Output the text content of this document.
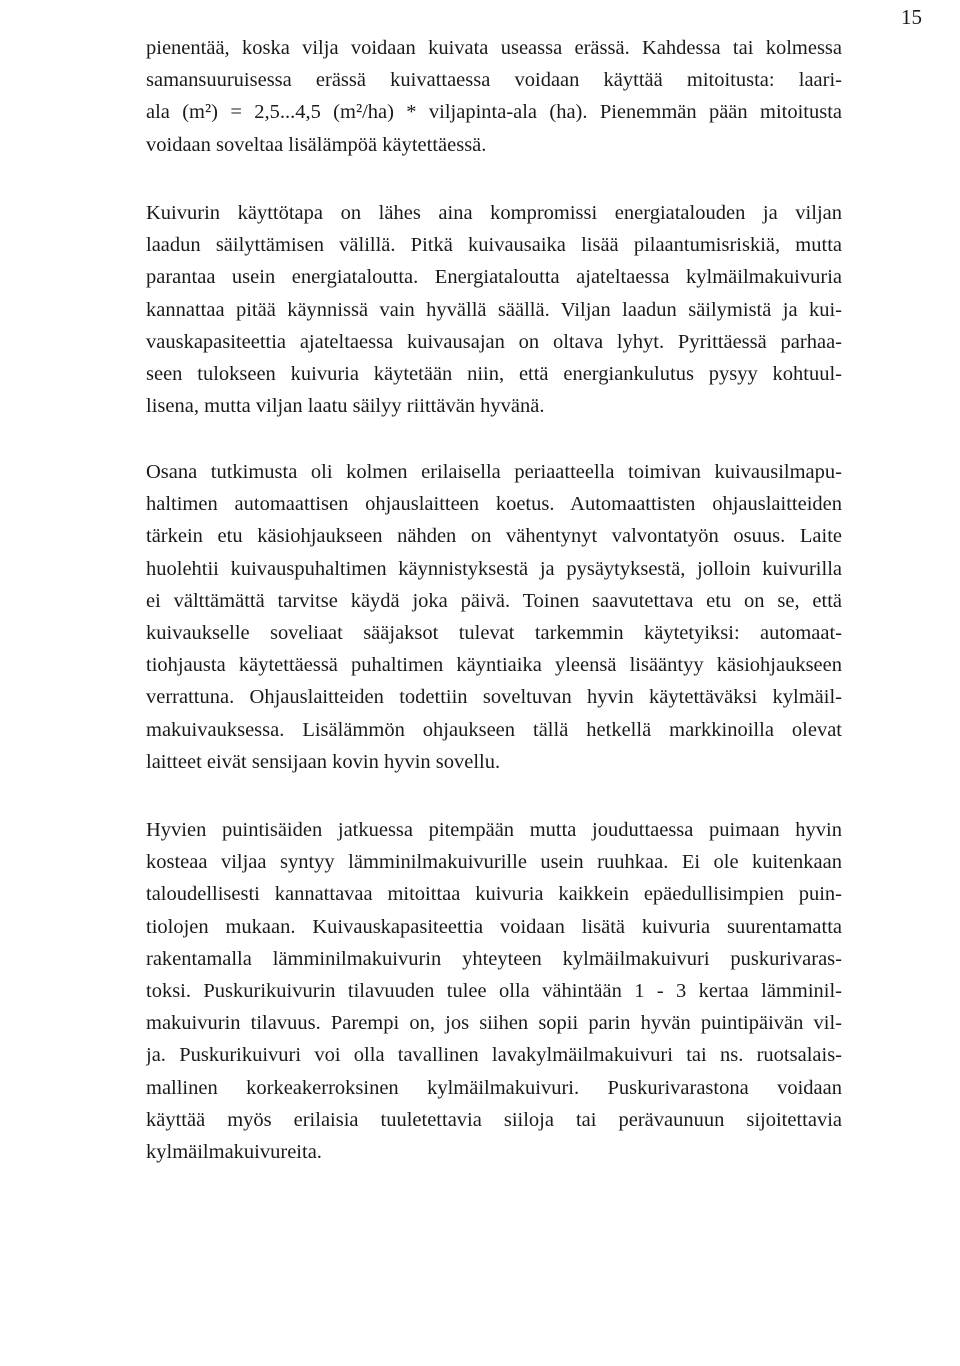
15
pienentää, koska vilja voidaan kuivata useassa erässä. Kahdessa tai kolmessa
samansuuruisessa erässä kuivattaessa voidaan käyttää mitoitusta: laari-
ala (m²) = 2,5...4,5 (m²/ha) * viljapinta-ala (ha). Pienemmän pään mitoitusta
voidaan soveltaa lisälämpöä käytettäessä.
Kuivurin käyttötapa on lähes aina kompromissi energiatalouden ja viljan
laadun säilyttämisen välillä. Pitkä kuivausaika lisää pilaantumisriskiä, mutta
parantaa usein energiataloutta. Energiataloutta ajateltaessa kylmäilmakuivuria
kannattaa pitää käynnissä vain hyvällä säällä. Viljan laadun säilymistä ja kui-
vauskapasiteettia ajateltaessa kuivausajan on oltava lyhyt. Pyrittäessä parhaa-
seen tulokseen kuivuria käytetään niin, että energiankulutus pysyy kohtuul-
lisena, mutta viljan laatu säilyy riittävän hyvänä.
Osana tutkimusta oli kolmen erilaisella periaatteella toimivan kuivausilmapu-
haltimen automaattisen ohjauslaitteen koetus. Automaattisten ohjauslaitteiden
tärkein etu käsiohjaukseen nähden on vähentynyt valvontatyön osuus. Laite
huolehtii kuivauspuhaltimen käynnistyksestä ja pysäytyksestä, jolloin kuivurilla
ei välttämättä tarvitse käydä joka päivä. Toinen saavutettava etu on se, että
kuivaukselle soveliaat sääjaksot tulevat tarkemmin käytetyiksi: automaat-
tiohjausta käytettäessä puhaltimen käyntiaika yleensä lisääntyy käsiohjaukseen
verrattuna. Ohjauslaitteiden todettiin soveltuvan hyvin käytettäväksi kylmäil-
makuivauksessa. Lisälämmön ohjaukseen tällä hetkellä markkinoilla olevat
laitteet eivät sensijaan kovin hyvin sovellu.
Hyvien puintisäiden jatkuessa pitempään mutta jouduttaessa puimaan hyvin
kosteaa viljaa syntyy lämminilmakuivurille usein ruuhkaa. Ei ole kuitenkaan
taloudellisesti kannattavaa mitoittaa kuivuria kaikkein epäedullisimpien puin-
tiolojen mukaan. Kuivauskapasiteettia voidaan lisätä kuivuria suurentamatta
rakentamalla lämminilmakuivurin yhteyteen kylmäilmakuivuri puskurivaras-
toksi. Puskurikuivurin tilavuuden tulee olla vähintään 1 - 3 kertaa lämminil-
makuivurin tilavuus. Parempi on, jos siihen sopii parin hyvän puintipäivän vil-
ja. Puskurikuivuri voi olla tavallinen lavakylmäilmakuivuri tai ns. ruotsalais-
mallinen korkeakerroksinen kylmäilmakuivuri. Puskurivarastona voidaan
käyttää myös erilaisia tuuletettavia siiloja tai perävaunuun sijoitettavia
kylmäilmakuivureita.
